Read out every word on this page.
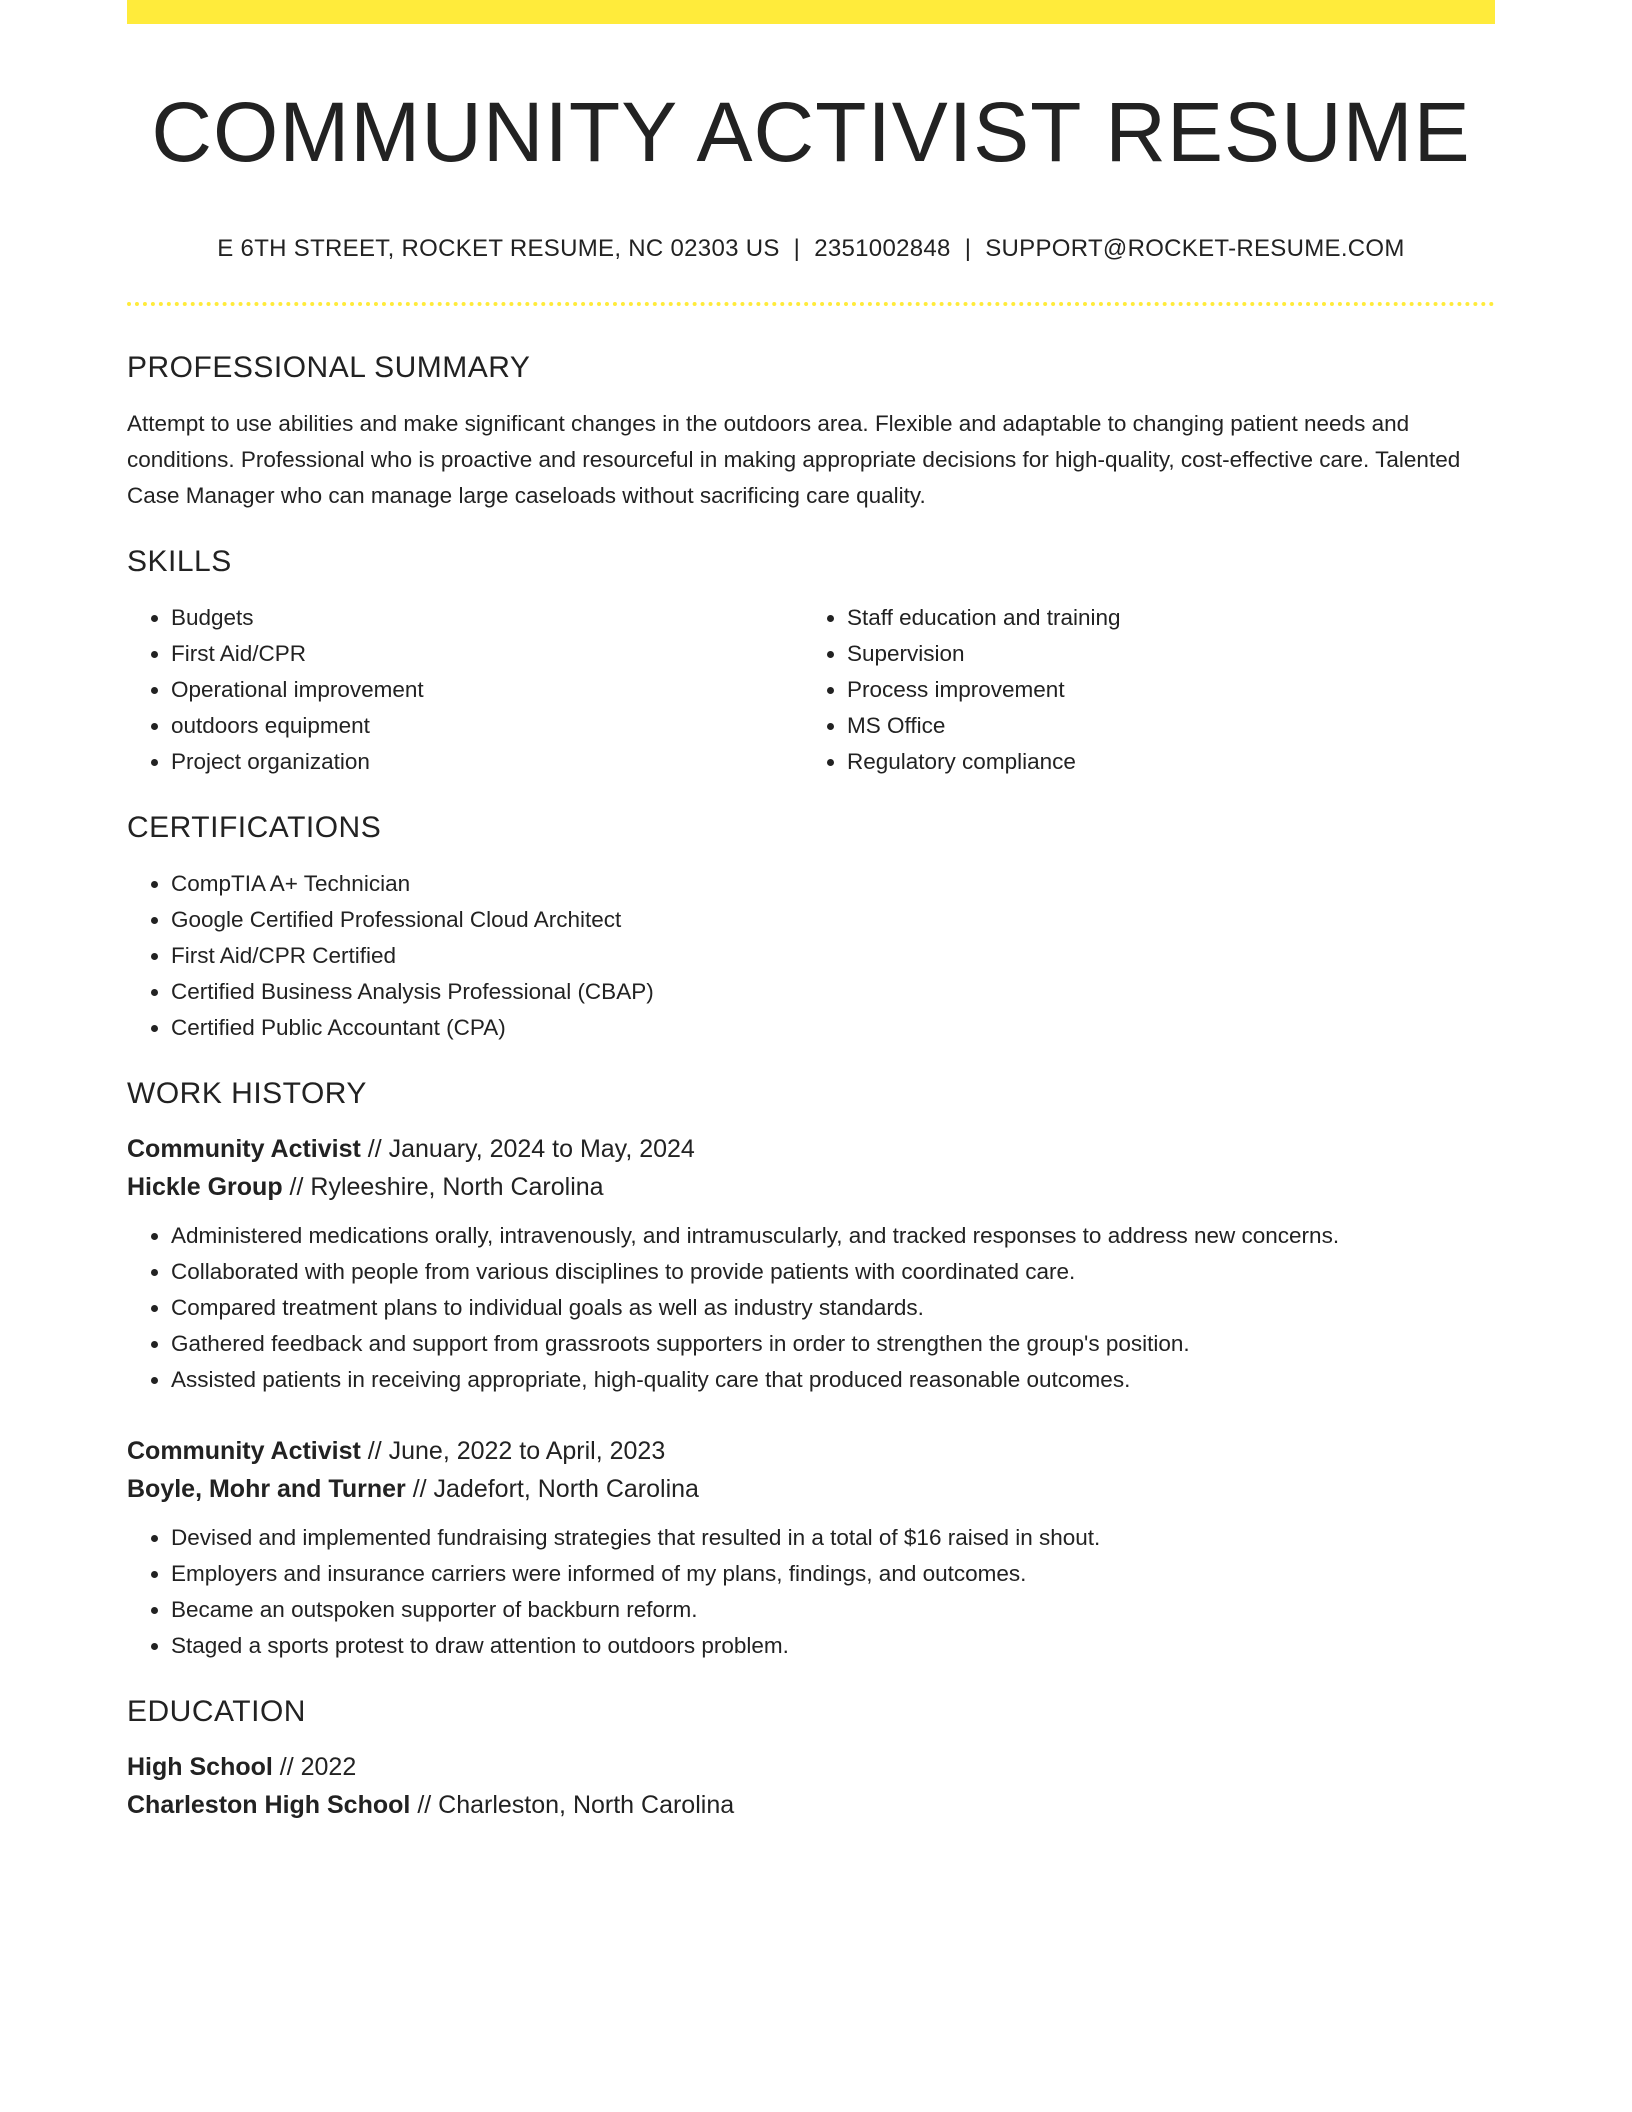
COMMUNITY ACTIVIST RESUME
E 6TH STREET, ROCKET RESUME, NC 02303 US | 2351002848 | SUPPORT@ROCKET-RESUME.COM
PROFESSIONAL SUMMARY

Attempt to use abilities and make significant changes in the outdoors area. Flexible and adaptable to changing patient needs and conditions. Professional who is proactive and resourceful in making appropriate decisions for high-quality, cost-effective care. Talented Case Manager who can manage large caseloads without sacrificing care quality.

SKILLS
• Budgets
• First Aid/CPR
• Operational improvement
• outdoors equipment
• Project organization
• Staff education and training
• Supervision
• Process improvement
• MS Office
• Regulatory compliance
CERTIFICATIONS
• CompTIA A+ Technician
• Google Certified Professional Cloud Architect
• First Aid/CPR Certified
• Certified Business Analysis Professional (CBAP)
• Certified Public Accountant (CPA)
WORK HISTORY
Community Activist // January, 2024 to May, 2024
Hickle Group // Ryleeshire, North Carolina
• Administered medications orally, intravenously, and intramuscularly, and tracked responses to address new concerns.
• Collaborated with people from various disciplines to provide patients with coordinated care.
• Compared treatment plans to individual goals as well as industry standards.
• Gathered feedback and support from grassroots supporters in order to strengthen the group's position.
• Assisted patients in receiving appropriate, high-quality care that produced reasonable outcomes.
Community Activist // June, 2022 to April, 2023
Boyle, Mohr and Turner // Jadefort, North Carolina
• Devised and implemented fundraising strategies that resulted in a total of $16 raised in shout.
• Employers and insurance carriers were informed of my plans, findings, and outcomes.
• Became an outspoken supporter of backburn reform.
• Staged a sports protest to draw attention to outdoors problem.
EDUCATION
High School // 2022
Charleston High School // Charleston, North Carolina
